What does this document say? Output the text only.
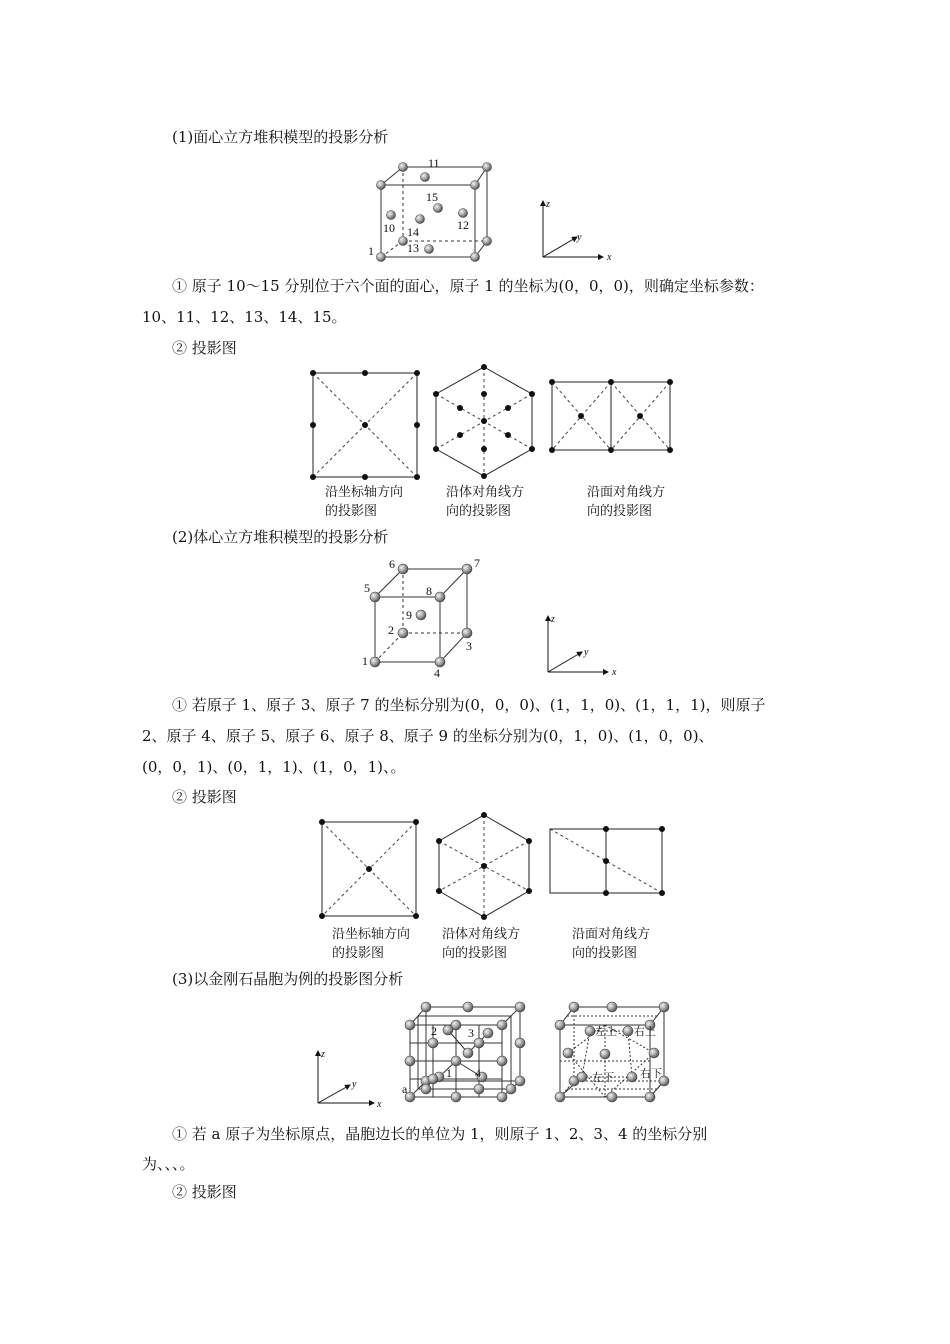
(1)面心立方堆积模型的投影分析
11
15
10 14	12
13
1
z
y
x
① 原子 10～15 分别位于六个面的面心，原子 1 的坐标为(0，0，0)，则确定坐标参数：
10、11、12、13、14、15。
② 投影图
沿坐标轴方向
的投影图
沿体对角线方
向的投影图
沿面对角线方
向的投影图
(2)体心立方堆积模型的投影分析
6	7
5	8
9
2
3
1
4
z
y
x
① 若原子 1、原子 3、原子 7 的坐标分别为(0，0，0)、(1，1，0)、(1，1，1)，则原子
2、原子 4、原子 5、原子 6、原子 8、原子 9 的坐标分别为(0，1，0)、(1，0，0)、
(0，0，1)、(0，1，1)、(1，0，1)、。
② 投影图
沿坐标轴方向
的投影图
沿体对角线方
向的投影图
沿面对角线方
向的投影图
(3)以金刚石晶胞为例的投影图分析
z
y
x
2	3
1 4
a
左上 右上
左下 右下
① 若 a 原子为坐标原点，晶胞边长的单位为 1，则原子 1、2、3、4 的坐标分别
为、、、。
② 投影图
